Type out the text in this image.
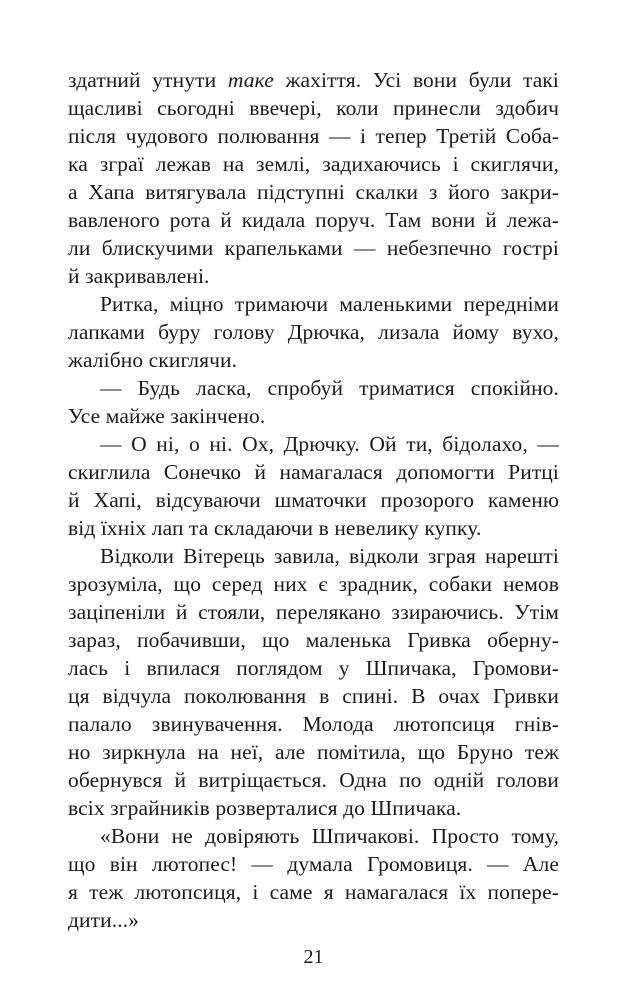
здатний утнути таке жахіття. Усі вони були такі
щасливі сьогодні ввечері, коли принесли здобич
після чудового полювання — і тепер Третій Соба-
ка зграї лежав на землі, задихаючись і скиглячи,
а Хапа витягувала підступні скалки з його закри-
вавленого рота й кидала поруч. Там вони й лежа-
ли блискучими крапельками — небезпечно гострі
й закривавлені.
Ритка, міцно тримаючи маленькими передніми
лапками буру голову Дрючка, лизала йому вухо,
жалібно скиглячи.
— Будь ласка, спробуй триматися спокійно.
Усе майже закінчено.
— О ні, о ні. Ох, Дрючку. Ой ти, бідолахо, —
скиглила Сонечко й намагалася допомогти Ритці
й Хапі, відсуваючи шматочки прозорого каменю
від їхніх лап та складаючи в невелику купку.
Відколи Вітерець завила, відколи зграя нарешті
зрозуміла, що серед них є зрадник, собаки немов
заціпеніли й стояли, перелякано ззираючись. Утім
зараз, побачивши, що маленька Гривка оберну-
лась і впилася поглядом у Шпичака, Громови-
ця відчула поколювання в спині. В очах Гривки
палало звинувачення. Молода лютопсиця гнів-
но зиркнула на неї, але помітила, що Бруно теж
обернувся й витріщається. Одна по одній голови
всіх зграйників розверталися до Шпичака.
«Вони не довіряють Шпичакові. Просто тому,
що він лютопес! — думала Громовиця. — Але
я теж лютопсиця, і саме я намагалася їх попере-
дити...»
21
